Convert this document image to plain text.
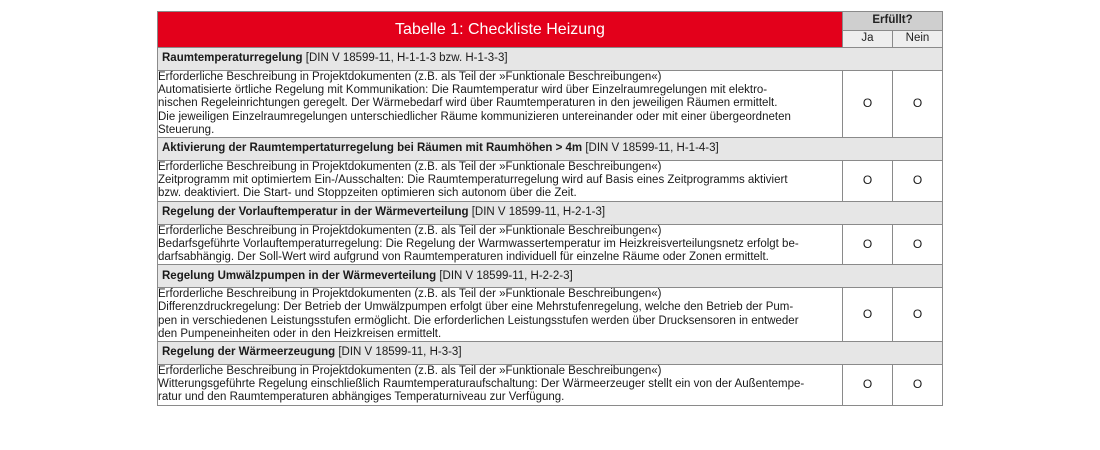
Tabelle 1: Checkliste Heizung	Erfüllt?	
	Ja	Nein
Raumtemperaturregelung [DIN V 18599-11, H-1-1-3 bzw. H-1-3-3]		

Erforderliche Beschreibung in Projektdokumenten (z.B. als Teil der »Funktionale Beschreibungen«)
Automatisierte örtliche Regelung mit Kommunikation: Die Raumtemperatur wird über Einzelraumregelungen mit elektro-
nischen Regeleinrichtungen geregelt. Der Wärmebedarf wird über Raumtemperaturen in den jeweiligen Räumen ermittelt.
Die jeweiligen Einzelraumregelungen unterschiedlicher Räume kommunizieren untereinander oder mit einer übergeordneten
Steuerung.	O	O
Aktivierung der Raumtempertaturregelung bei Räumen mit Raumhöhen > 4m [DIN V 18599-11, H-1-4-3]		

Erforderliche Beschreibung in Projektdokumenten (z.B. als Teil der »Funktionale Beschreibungen«)
Zeitprogramm mit optimiertem Ein-/Ausschalten: Die Raumtemperaturregelung wird auf Basis eines Zeitprogramms aktiviert
bzw. deaktiviert. Die Start- und Stoppzeiten optimieren sich autonom über die Zeit.	O	O
Regelung der Vorlauftemperatur in der Wärmeverteilung [DIN V 18599-11, H-2-1-3]		

Erforderliche Beschreibung in Projektdokumenten (z.B. als Teil der »Funktionale Beschreibungen«)
Bedarfsgeführte Vorlauftemperaturregelung: Die Regelung der Warmwassertemperatur im Heizkreisverteilungsnetz erfolgt be-
darfsabhängig. Der Soll-Wert wird aufgrund von Raumtemperaturen individuell für einzelne Räume oder Zonen ermittelt.	O	O
Regelung Umwälzpumpen in der Wärmeverteilung [DIN V 18599-11, H-2-2-3]		

Erforderliche Beschreibung in Projektdokumenten (z.B. als Teil der »Funktionale Beschreibungen«)
Differenzdruckregelung: Der Betrieb der Umwälzpumpen erfolgt über eine Mehrstufenregelung, welche den Betrieb der Pum-
pen in verschiedenen Leistungsstufen ermöglicht. Die erforderlichen Leistungsstufen werden über Drucksensoren in entweder
den Pumpeneinheiten oder in den Heizkreisen ermittelt.	O	O
Regelung der Wärmeerzeugung [DIN V 18599-11, H-3-3]		

Erforderliche Beschreibung in Projektdokumenten (z.B. als Teil der »Funktionale Beschreibungen«)
Witterungsgeführte Regelung einschließlich Raumtemperaturaufschaltung: Der Wärmeerzeuger stellt ein von der Außentempe-
ratur und den Raumtemperaturen abhängiges Temperaturniveau zur Verfügung.	O	O
